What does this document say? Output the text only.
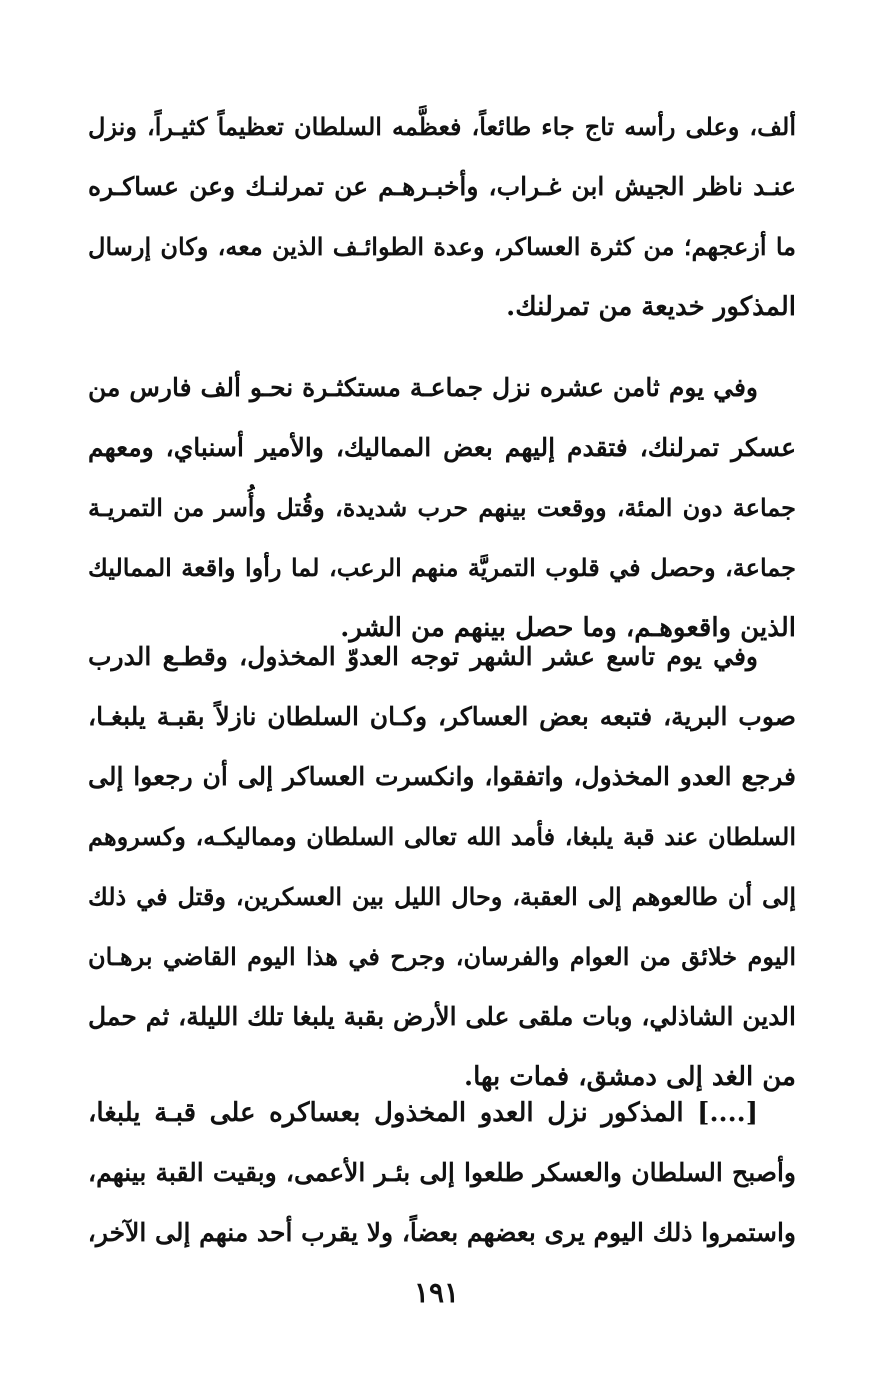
ألف، وعلى رأسه تاج جاء طائعاً، فعظَّمه السلطان تعظيماً كثيـراً، ونزل
عنـد ناظر الجيش ابن غـراب، وأخبـرهـم عن تمرلنـك وعن عساكـره
ما أزعجهم؛ من كثرة العساكر، وعدة الطوائـف الذين معه، وكان إرسال
المذكور خديعة من تمرلنك.
وفي يوم ثامن عشره نزل جماعـة مستكثـرة نحـو ألف فارس من
عسكر تمرلنك، فتقدم إليهم بعض المماليك، والأمير أسنباي، ومعهم
جماعة دون المئة، ووقعت بينهم حرب شديدة، وقُتل وأُسر من التمريـة
جماعة، وحصل في قلوب التمريَّة منهم الرعب، لما رأوا واقعة المماليك
الذين واقعوهـم، وما حصل بينهم من الشر.
وفي يوم تاسع عشر الشهر توجه العدوّ المخذول، وقطـع الدرب
صوب البرية، فتبعه بعض العساكر، وكـان السلطان نازلاً بقبـة يلبغـا،
فرجع العدو المخذول، واتفقوا، وانكسرت العساكر إلى أن رجعوا إلى
السلطان عند قبة يلبغا، فأمد الله تعالى السلطان ومماليكـه، وكسروهم
إلى أن طالعوهم إلى العقبة، وحال الليل بين العسكرين، وقتل في ذلك
اليوم خلائق من العوام والفرسان، وجرح في هذا اليوم القاضي برهـان
الدين الشاذلي، وبات ملقى على الأرض بقبة يلبغا تلك الليلة، ثم حمل
من الغد إلى دمشق، فمات بها.
[....] المذكور نزل العدو المخذول بعساكره على قبـة يلبغا،
وأصبح السلطان والعسكر طلعوا إلى بئـر الأعمى، وبقيت القبة بينهم،
واستمروا ذلك اليوم يرى بعضهم بعضاً، ولا يقرب أحد منهم إلى الآخر،
١٩١
